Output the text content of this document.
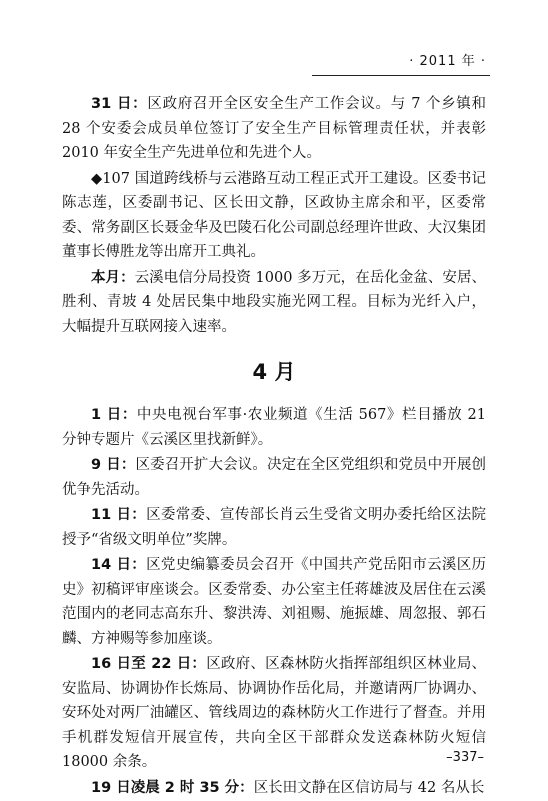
· 2011 年 ·

31 日：区政府召开全区安全生产工作会议。与 7 个乡镇和 28 个安委会成员单位签订了安全生产目标管理责任状，并表彰 2010 年安全生产先进单位和先进个人。

◆107 国道跨线桥与云港路互动工程正式开工建设。区委书记陈志莲，区委副书记、区长田文静，区政协主席余和平，区委常委、常务副区长聂金华及巴陵石化公司副总经理许世政、大汉集团董事长傅胜龙等出席开工典礼。

本月：云溪电信分局投资 1000 多万元，在岳化金盆、安居、胜利、青坡 4 处居民集中地段实施光网工程。目标为光纤入户，大幅提升互联网接入速率。

4 月

1 日：中央电视台军事·农业频道《生活 567》栏目播放 21 分钟专题片《云溪区里找新鲜》。

9 日：区委召开扩大会议。决定在全区党组织和党员中开展创优争先活动。

11 日：区委常委、宣传部长肖云生受省文明办委托给区法院授予“省级文明单位”奖牌。

14 日：区党史编纂委员会召开《中国共产党岳阳市云溪区历史》初稿评审座谈会。区委常委、办公室主任蒋雄波及居住在云溪范围内的老同志高东升、黎洪涛、刘祖赐、施振雄、周忽报、郭石麟、方神赐等参加座谈。

16 日至 22 日：区政府、区森林防火指挥部组织区林业局、安监局、协调协作长炼局、协调协作岳化局，并邀请两厂协调办、安环处对两厂油罐区、管线周边的森林防火工作进行了督查。并用手机群发短信开展宣传，共向全区干部群众发送森林防火短信 18000 余条。

19 日凌晨 2 时 35 分：区长田文静在区信访局与 42 名从长

–337–
